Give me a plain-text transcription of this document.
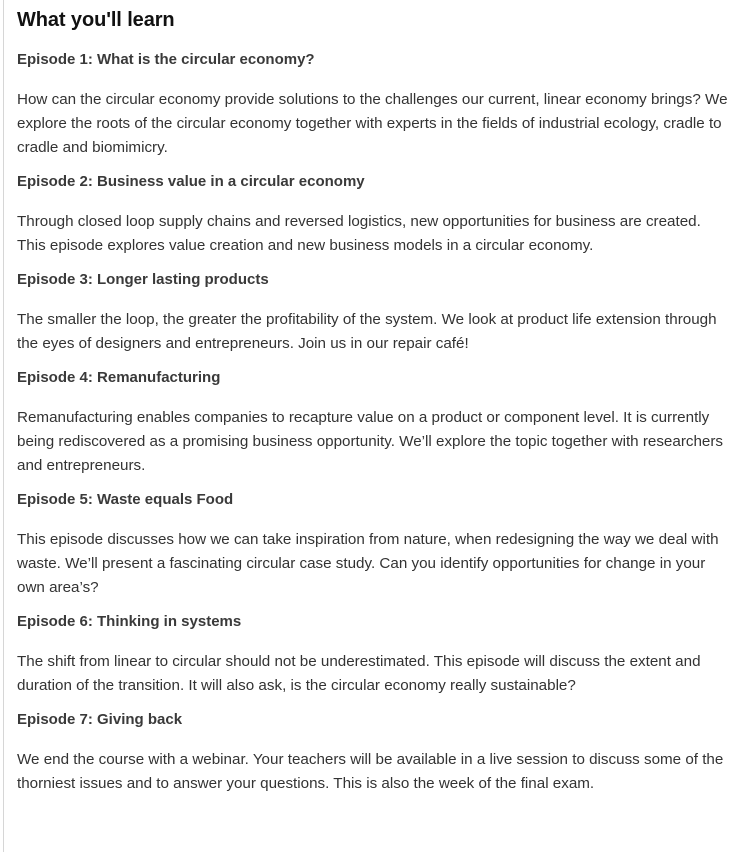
What you'll learn
Episode 1: What is the circular economy?

How can the circular economy provide solutions to the challenges our current, linear economy brings? We explore the roots of the circular economy together with experts in the fields of industrial ecology, cradle to cradle and biomimicry.

Episode 2: Business value in a circular economy

Through closed loop supply chains and reversed logistics, new opportunities for business are created. This episode explores value creation and new business models in a circular economy.

Episode 3: Longer lasting products

The smaller the loop, the greater the profitability of the system. We look at product life extension through the eyes of designers and entrepreneurs. Join us in our repair café!

Episode 4: Remanufacturing

Remanufacturing enables companies to recapture value on a product or component level. It is currently being rediscovered as a promising business opportunity. We’ll explore the topic together with researchers and entrepreneurs.

Episode 5: Waste equals Food

This episode discusses how we can take inspiration from nature, when redesigning the way we deal with waste. We’ll present a fascinating circular case study. Can you identify opportunities for change in your own area’s?

Episode 6: Thinking in systems

The shift from linear to circular should not be underestimated. This episode will discuss the extent and duration of the transition. It will also ask, is the circular economy really sustainable?

Episode 7: Giving back

We end the course with a webinar. Your teachers will be available in a live session to discuss some of the thorniest issues and to answer your questions. This is also the week of the final exam.
